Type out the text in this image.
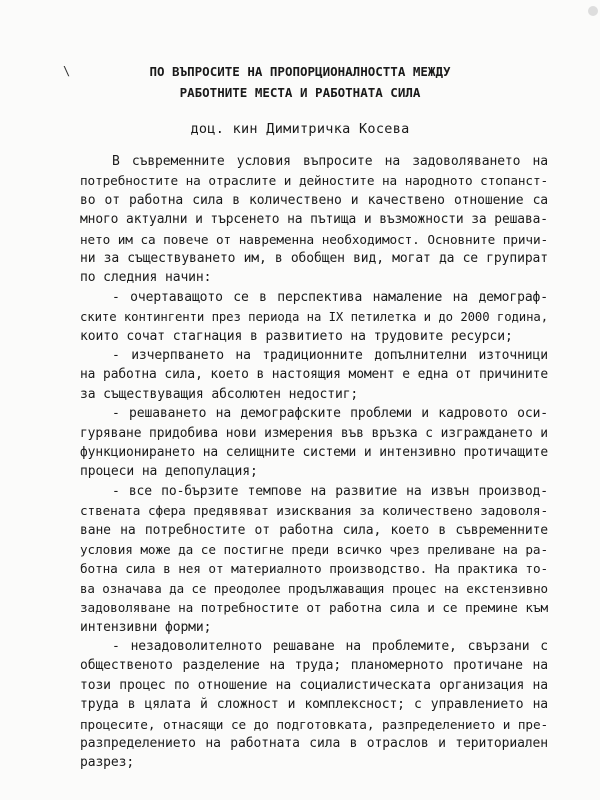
\	ПО ВЪПРОСИТЕ НА ПРОПОРЦИОНАЛНОСТТА МЕЖДУ
РАБОТНИТЕ МЕСТА И РАБОТНАТА СИЛА
доц. кин Димитричка Косева
В съвременните условия въпросите на задоволяването на
потребностите на отраслите и дейностите на народното стопанст-
во от работна сила в количествено и качествено отношение са
много актуални и търсенето на пътища и възможности за решава-
нето им са повече от навременна необходимост. Основните причи-
ни за съществуването им, в обобщен вид, могат да се групират
по следния начин:
- очертаващото се в перспектива намаление на демограф-
ските контингенти през периода на IX петилетка и до 2000 година,
които сочат стагнация в развитието на трудовите ресурси;
- изчерпването на традиционните допълнителни източници
на работна сила, което в настоящия момент е една от причините
за съществуващия абсолютен недостиг;
- решаването на демографските проблеми и кадровото оси-
гуряване придобива нови измерения във връзка с изграждането и
функционирането на селищните системи и интензивно протичащите
процеси на депопулация;
- все по-бързите темпове на развитие на извън производ-
ствената сфера предявяват изисквания за количествено задоволя-
ване на потребностите от работна сила, което в съвременните
условия може да се постигне преди всичко чрез преливане на ра-
ботна сила в нея от материалното производство. На практика то-
ва означава да се преодолее продължаващия процес на екстензивно
задоволяване на потребностите от работна сила и се премине към
интензивни форми;
- незадоволителното решаване на проблемите, свързани с
общественото разделение на труда; планомерното протичане на
този процес по отношение на социалистическата организация на
труда в цялата й сложност и комплексност; с управлението на
процесите, отнасящи се до подготовката, разпределението и пре-
разпределението на работната сила в отраслов и териториален
разрез;
